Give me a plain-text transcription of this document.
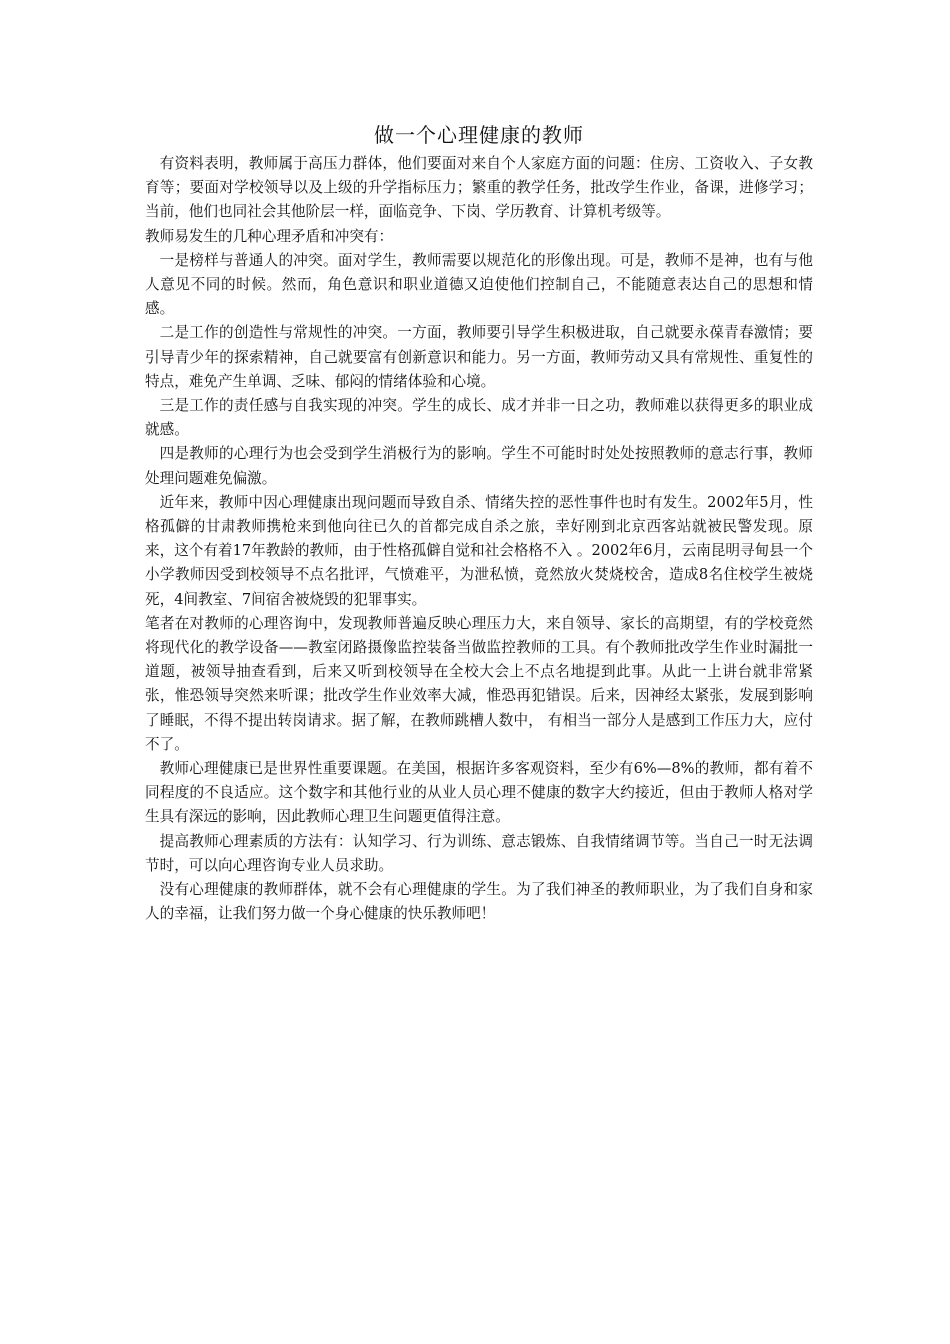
做一个心理健康的教师

有资料表明，教师属于高压力群体，他们要面对来自个人家庭方面的问题：住房、工资收入、子女教育等；要面对学校领导以及上级的升学指标压力；繁重的教学任务，批改学生作业，备课，进修学习；当前，他们也同社会其他阶层一样，面临竞争、下岗、学历教育、计算机考级等。

教师易发生的几种心理矛盾和冲突有：

一是榜样与普通人的冲突。面对学生，教师需要以规范化的形像出现。可是，教师不是神，也有与他人意见不同的时候。然而，角色意识和职业道德又迫使他们控制自己，不能随意表达自己的思想和情感。

二是工作的创造性与常规性的冲突。一方面，教师要引导学生积极进取，自己就要永葆青春激情；要引导青少年的探索精神，自己就要富有创新意识和能力。另一方面，教师劳动又具有常规性、重复性的特点，难免产生单调、乏味、郁闷的情绪体验和心境。

三是工作的责任感与自我实现的冲突。学生的成长、成才并非一日之功，教师难以获得更多的职业成就感。

四是教师的心理行为也会受到学生消极行为的影响。学生不可能时时处处按照教师的意志行事，教师处理问题难免偏激。

近年来，教师中因心理健康出现问题而导致自杀、情绪失控的恶性事件也时有发生。2002年5月，性格孤僻的甘肃教师携枪来到他向往已久的首都完成自杀之旅，幸好刚到北京西客站就被民警发现。原来，这个有着17年教龄的教师，由于性格孤僻自觉和社会格格不入 。2002年6月，云南昆明寻甸县一个小学教师因受到校领导不点名批评，气愤难平，为泄私愤，竟然放火焚烧校舍，造成8名住校学生被烧死，4间教室、7间宿舍被烧毁的犯罪事实。

笔者在对教师的心理咨询中，发现教师普遍反映心理压力大，来自领导、家长的高期望，有的学校竟然将现代化的教学设备——教室闭路摄像监控装备当做监控教师的工具。有个教师批改学生作业时漏批一道题，被领导抽查看到，后来又听到校领导在全校大会上不点名地提到此事。从此一上讲台就非常紧张，惟恐领导突然来听课；批改学生作业效率大减，惟恐再犯错误。后来，因神经太紧张，发展到影响了睡眠，不得不提出转岗请求。据了解，在教师跳槽人数中， 有相当一部分人是感到工作压力大，应付不了。

教师心理健康已是世界性重要课题。在美国，根据许多客观资料，至少有6%—8%的教师，都有着不同程度的不良适应。这个数字和其他行业的从业人员心理不健康的数字大约接近，但由于教师人格对学生具有深远的影响，因此教师心理卫生问题更值得注意。

提高教师心理素质的方法有：认知学习、行为训练、意志锻炼、自我情绪调节等。当自己一时无法调节时，可以向心理咨询专业人员求助。

没有心理健康的教师群体，就不会有心理健康的学生。为了我们神圣的教师职业，为了我们自身和家人的幸福，让我们努力做一个身心健康的快乐教师吧！
